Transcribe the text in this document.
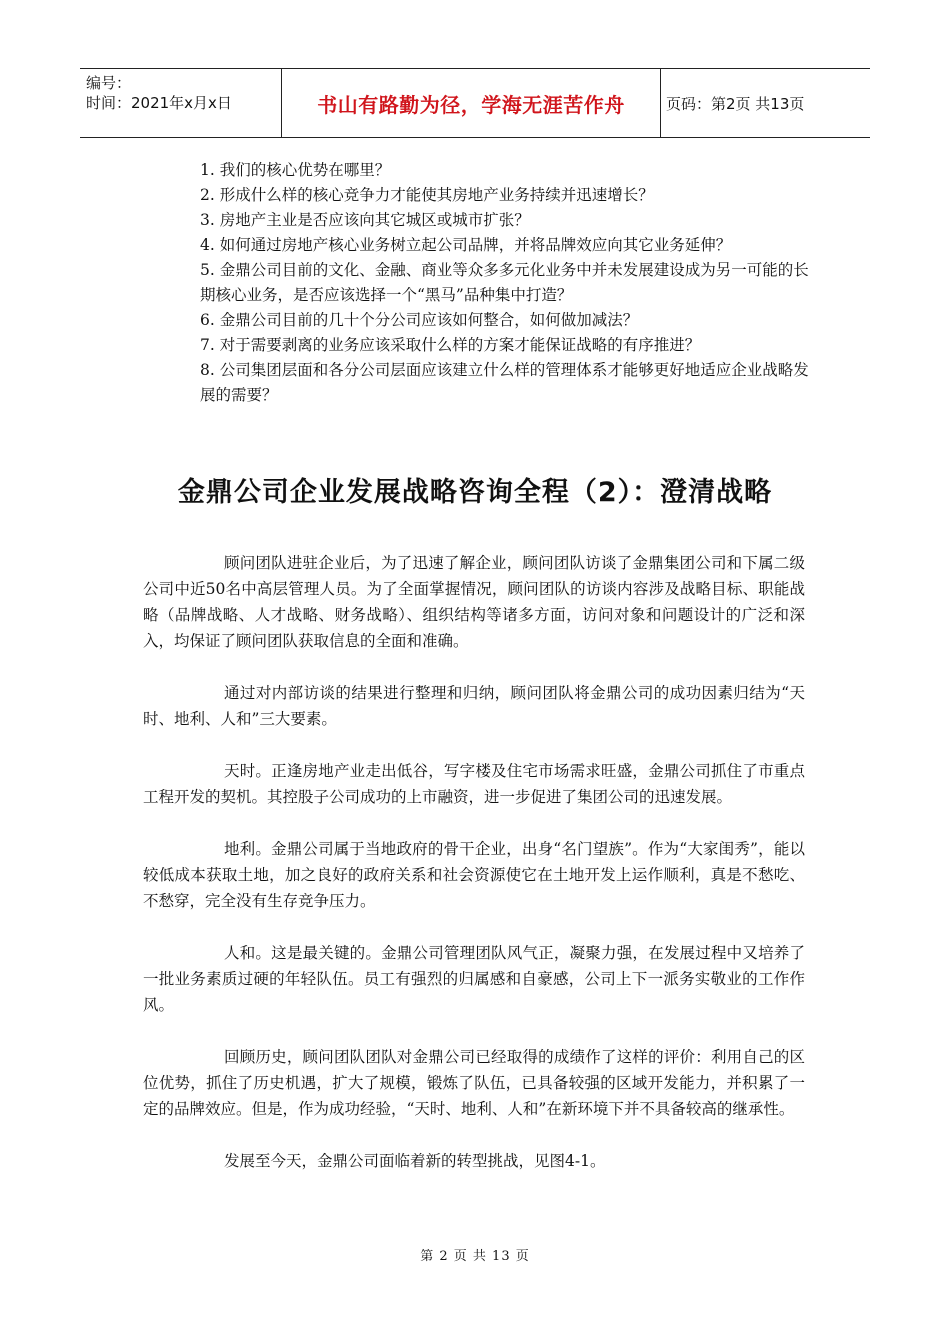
编号：
时间：2021年x月x日	书山有路勤为径，学海无涯苦作舟	页码：第2页 共13页

1. 我们的核心优势在哪里？

2. 形成什么样的核心竞争力才能使其房地产业务持续并迅速增长？

3. 房地产主业是否应该向其它城区或城市扩张？

4. 如何通过房地产核心业务树立起公司品牌，并将品牌效应向其它业务延伸？

5. 金鼎公司目前的文化、金融、商业等众多多元化业务中并未发展建设成为另一可能的长期核心业务，是否应该选择一个“黑马”品种集中打造？

6. 金鼎公司目前的几十个分公司应该如何整合，如何做加减法？

7. 对于需要剥离的业务应该采取什么样的方案才能保证战略的有序推进？

8. 公司集团层面和各分公司层面应该建立什么样的管理体系才能够更好地适应企业战略发展的需要？

金鼎公司企业发展战略咨询全程（2）：澄清战略

顾问团队进驻企业后，为了迅速了解企业，顾问团队访谈了金鼎集团公司和下属二级公司中近50名中高层管理人员。为了全面掌握情况，顾问团队的访谈内容涉及战略目标、职能战略（品牌战略、人才战略、财务战略）、组织结构等诸多方面，访问对象和问题设计的广泛和深入，均保证了顾问团队获取信息的全面和准确。

通过对内部访谈的结果进行整理和归纳，顾问团队将金鼎公司的成功因素归结为“天时、地利、人和”三大要素。

天时。正逢房地产业走出低谷，写字楼及住宅市场需求旺盛，金鼎公司抓住了市重点工程开发的契机。其控股子公司成功的上市融资，进一步促进了集团公司的迅速发展。

地利。金鼎公司属于当地政府的骨干企业，出身“名门望族”。作为“大家闺秀”，能以较低成本获取土地，加之良好的政府关系和社会资源使它在土地开发上运作顺利，真是不愁吃、不愁穿，完全没有生存竞争压力。

人和。这是最关键的。金鼎公司管理团队风气正，凝聚力强，在发展过程中又培养了一批业务素质过硬的年轻队伍。员工有强烈的归属感和自豪感，公司上下一派务实敬业的工作作风。

回顾历史，顾问团队团队对金鼎公司已经取得的成绩作了这样的评价：利用自己的区位优势，抓住了历史机遇，扩大了规模，锻炼了队伍，已具备较强的区域开发能力，并积累了一定的品牌效应。但是，作为成功经验，“天时、地利、人和”在新环境下并不具备较高的继承性。

发展至今天，金鼎公司面临着新的转型挑战，见图4-1。

第 2 页 共 13 页
